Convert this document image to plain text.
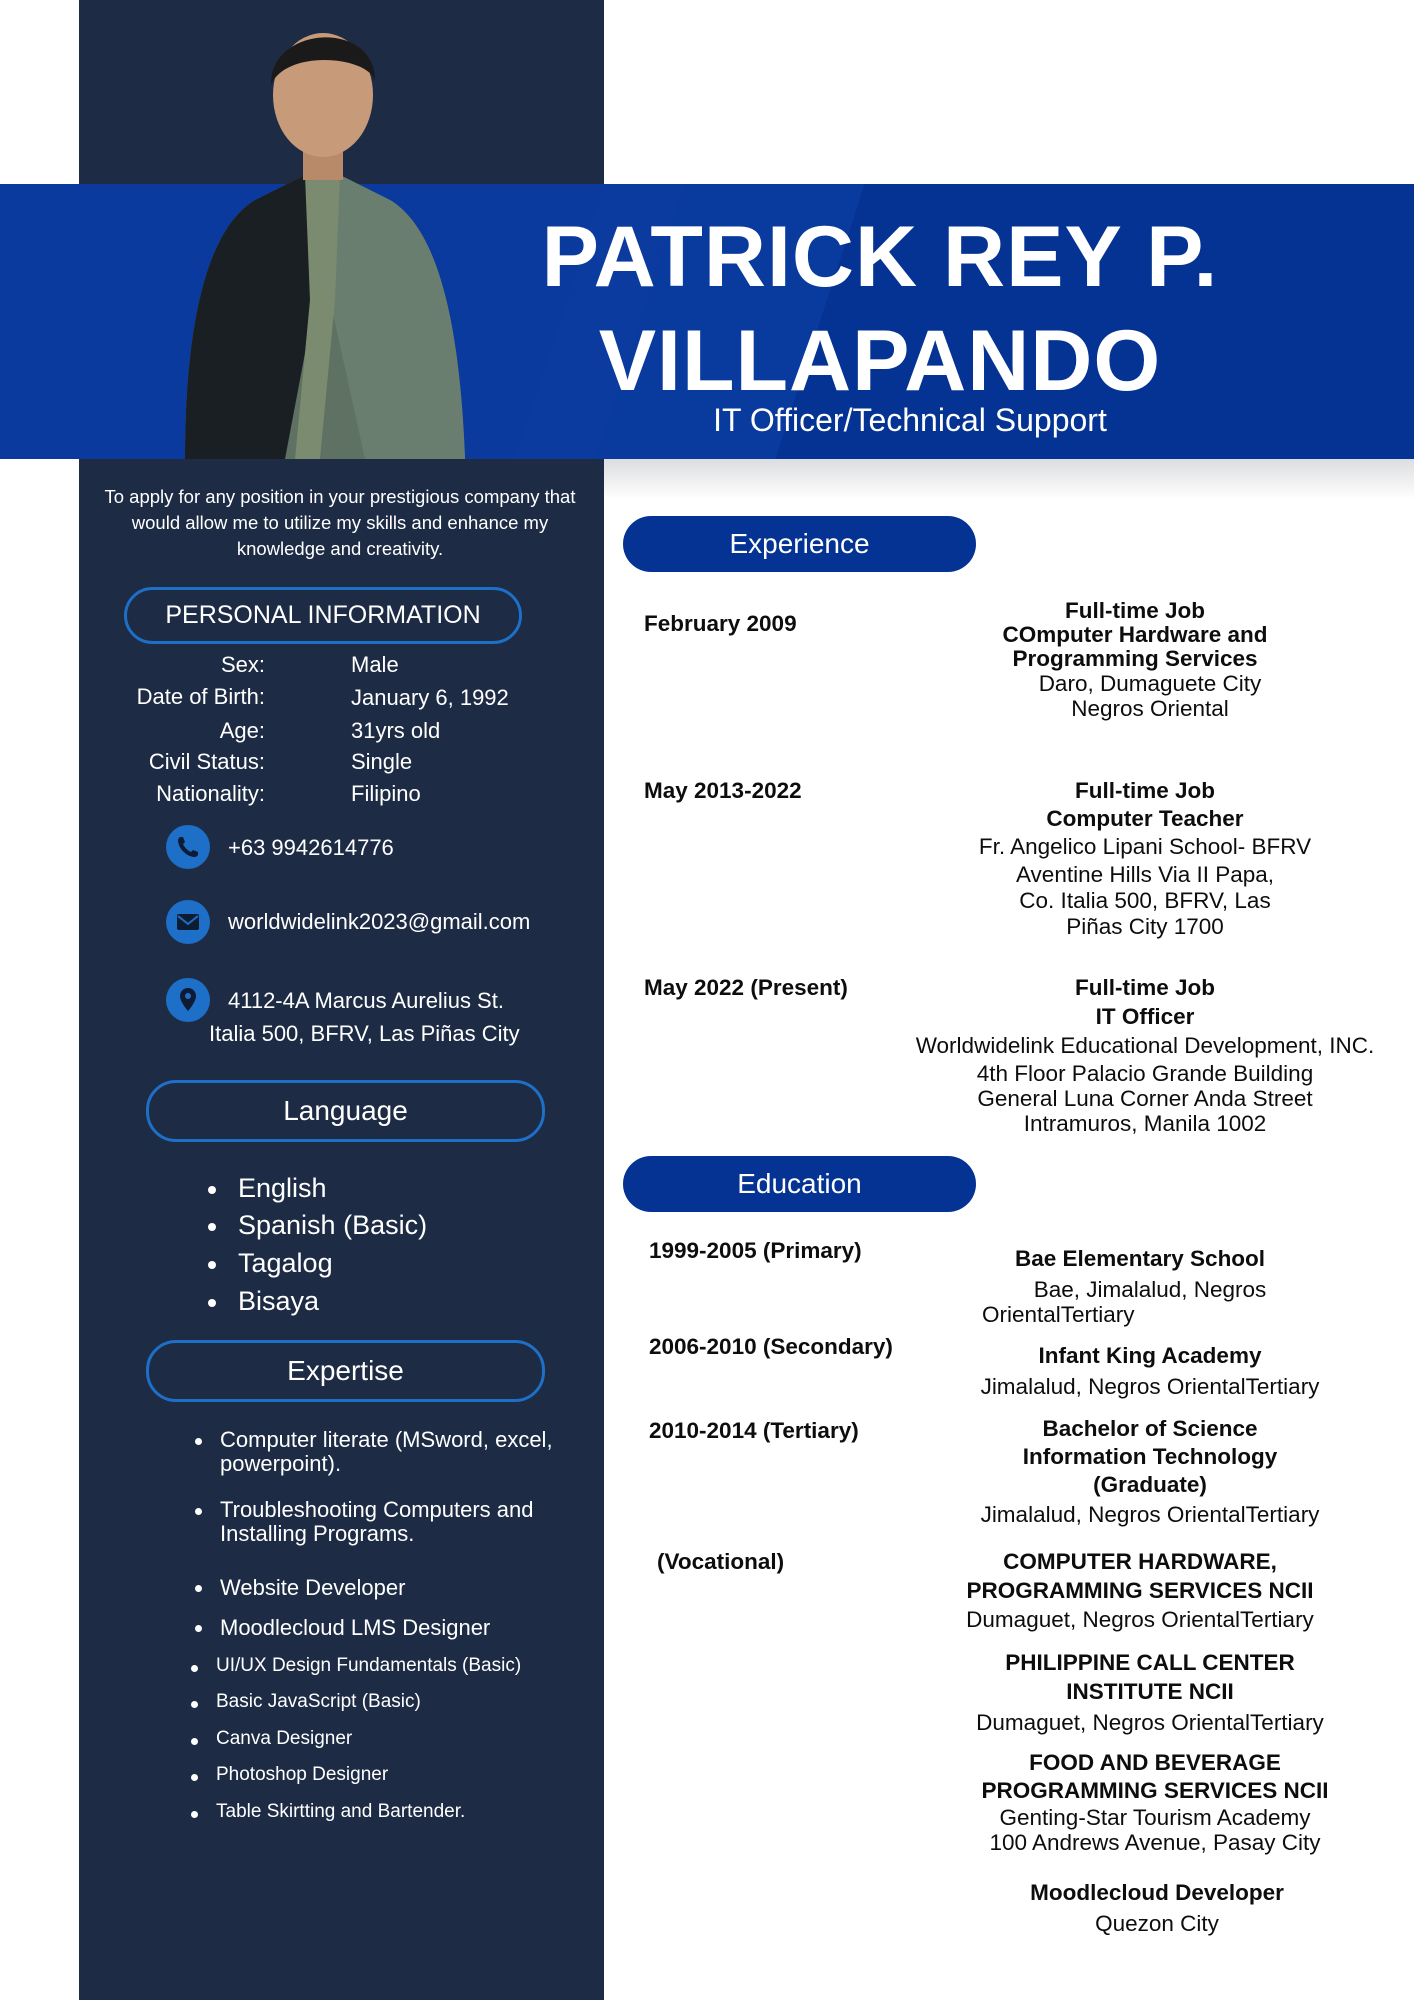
PATRICK REY P.
VILLAPANDO
IT Officer/Technical Support
To apply for any position in your prestigious company that would allow me to utilize my skills and enhance my knowledge and creativity.
PERSONAL INFORMATION
Sex:	Male
Date of Birth:	January 6, 1992
Age:	31yrs old
Civil Status:	Single
Nationality:	Filipino
+63 9942614776
worldwidelink2023@gmail.com
4112-4A Marcus Aurelius St.
Italia 500, BFRV, Las Piñas City
Language
English
Spanish (Basic)
Tagalog
Bisaya
Expertise
Computer literate (MSword, excel, powerpoint).
Troubleshooting Computers and Installing Programs.
Website Developer
Moodlecloud LMS Designer
UI/UX Design Fundamentals (Basic)
Basic JavaScript (Basic)
Canva Designer
Photoshop Designer
Table Skirtting and Bartender.
Experience
February 2009
Full-time Job
COmputer Hardware and Programming Services
Daro, Dumaguete City
Negros Oriental
May 2013-2022	Full-time Job
Computer Teacher
Fr. Angelico Lipani School- BFRV
Aventine Hills Via II Papa,
Co. Italia 500, BFRV, Las
Piñas City 1700
May 2022 (Present)	Full-time Job
IT Officer
Worldwidelink Educational Development, INC.
4th Floor Palacio Grande Building
General Luna Corner Anda Street
Intramuros, Manila 1002
Education
1999-2005 (Primary)	Bae Elementary School
Bae, Jimalalud, Negros
OrientalTertiary
2006-2010 (Secondary)	Infant King Academy
Jimalalud, Negros OrientalTertiary
2010-2014 (Tertiary)	Bachelor of Science Information Technology (Graduate)
Jimalalud, Negros OrientalTertiary
(Vocational)	COMPUTER HARDWARE, PROGRAMMING SERVICES NCII
Dumaguet, Negros OrientalTertiary
PHILIPPINE CALL CENTER INSTITUTE NCII
Dumaguet, Negros OrientalTertiary
FOOD AND BEVERAGE PROGRAMMING SERVICES NCII
Genting-Star Tourism Academy
100 Andrews Avenue, Pasay City
Moodlecloud Developer
Quezon City
